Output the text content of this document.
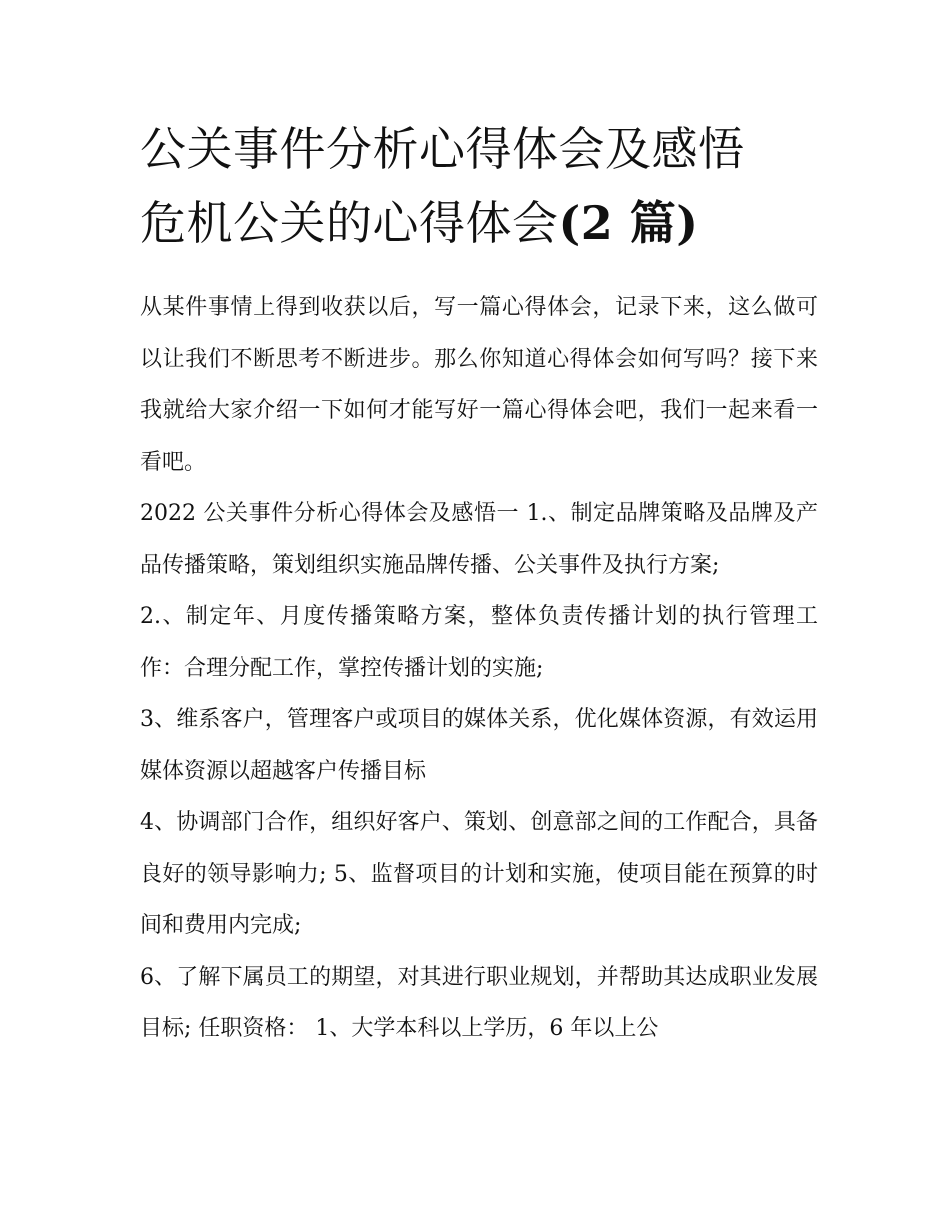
公关事件分析心得体会及感悟
危机公关的心得体会(2 篇)

从某件事情上得到收获以后，写一篇心得体会，记录下来，这么做可以让我们不断思考不断进步。那么你知道心得体会如何写吗？接下来我就给大家介绍一下如何才能写好一篇心得体会吧，我们一起来看一看吧。

2022 公关事件分析心得体会及感悟一 1.、制定品牌策略及品牌及产品传播策略，策划组织实施品牌传播、公关事件及执行方案;

2.、制定年、月度传播策略方案，整体负责传播计划的执行管理工作：合理分配工作，掌控传播计划的实施;

3、维系客户，管理客户或项目的媒体关系，优化媒体资源，有效运用媒体资源以超越客户传播目标

4、协调部门合作，组织好客户、策划、创意部之间的工作配合，具备良好的领导影响力; 5、监督项目的计划和实施，使项目能在预算的时间和费用内完成;

6、了解下属员工的期望，对其进行职业规划，并帮助其达成职业发展目标; 任职资格： 1、大学本科以上学历，6 年以上公
